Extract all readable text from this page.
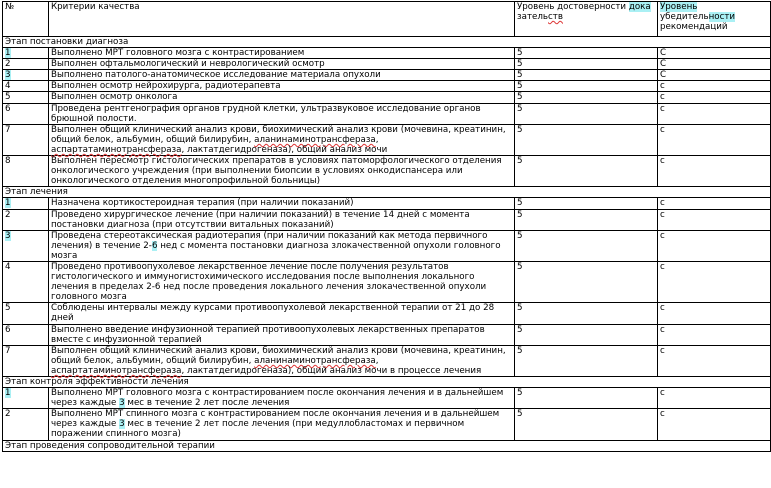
№	Критерии качества	Уровень достоверности дока зательств	Уровень
убедительности
рекомендаций
Этап постановки диагноза			
1	Выполнено МРТ головного мозга с контрастированием	5	С
2	Выполнен офтальмологический и неврологический осмотр	5	С
3	Выполнено патолого-анатомическое исследование материала опухоли	5	С
4	Выполнен осмотр нейрохирурга, радиотерапевта	5	с
5	Выполнен осмотр онколога	5	с
6	Проведена рентгенография органов грудной клетки, ультразвуковое исследование органов брюшной полости.	5	с
7	Выполнен общий клинический анализ крови, биохимический анализ крови (мочевина, креатинин, общий белок, альбумин, общий билирубин, аланинаминотрансфераза, аспартатаминотрансфераза, лактатдегидрогеназа), общий анализ мочи	5	с
8	Выполнен пересмотр гистологических препаратов в условиях патоморфологического отделения онкологического учреждения (при выполнении биопсии в условиях онкодиспансера или онкологического отделения многопрофильной больницы)	5	с
Этап лечения			
1	Назначена кортикостероидная терапия (при наличии показаний)	5	с
2	Проведено хирургическое лечение (при наличии показаний) в течение 14 дней с момента постановки диагноза (при отсутствии витальных показаний)	5	с
3	Проведена стереотаксическая радиотерапия (при наличии показаний как метода первичного лечения) в течение 2-6 нед с момента постановки диагноза злокачественной опухоли головного мозга	5	с
4	Проведено противоопухолевое лекарственное лечение после получения результатов гистологического и иммуногистохимического исследования после выполнения локального лечения в пределах 2-6 нед после проведения локального лечения злокачественной опухоли головного мозга	5	с
5	Соблюдены интервалы между курсами противоопухолевой лекарственной терапии от 21 до 28 дней	5	с
6	Выполнено введение инфузионной терапией противоопухолевых лекарственных препаратов вместе с инфузионной терапией	5	с
7	Выполнен общий клинический анализ крови, биохимический анализ крови (мочевина, креатинин, общий белок, альбумин, общий билирубин, аланинаминотрансфераза, аспартатаминотрансфераза, лактатдегидрогеназа), общий анализ мочи в процессе лечения	5	с
Этап контроля эффективности лечения			
1	Выполнено МРТ головного мозга с контрастированием после окончания лечения и в дальнейшем через каждые 3 мес в течение 2 лет после лечения	5	с
2	Выполнено МРТ спинного мозга с контрастированием после окончания лечения и в дальнейшем через каждые 3 мес в течение 2 лет после лечения (при медуллобластомах и первичном поражении спинного мозга)	5	с
Этап проведения сопроводительной терапии			
